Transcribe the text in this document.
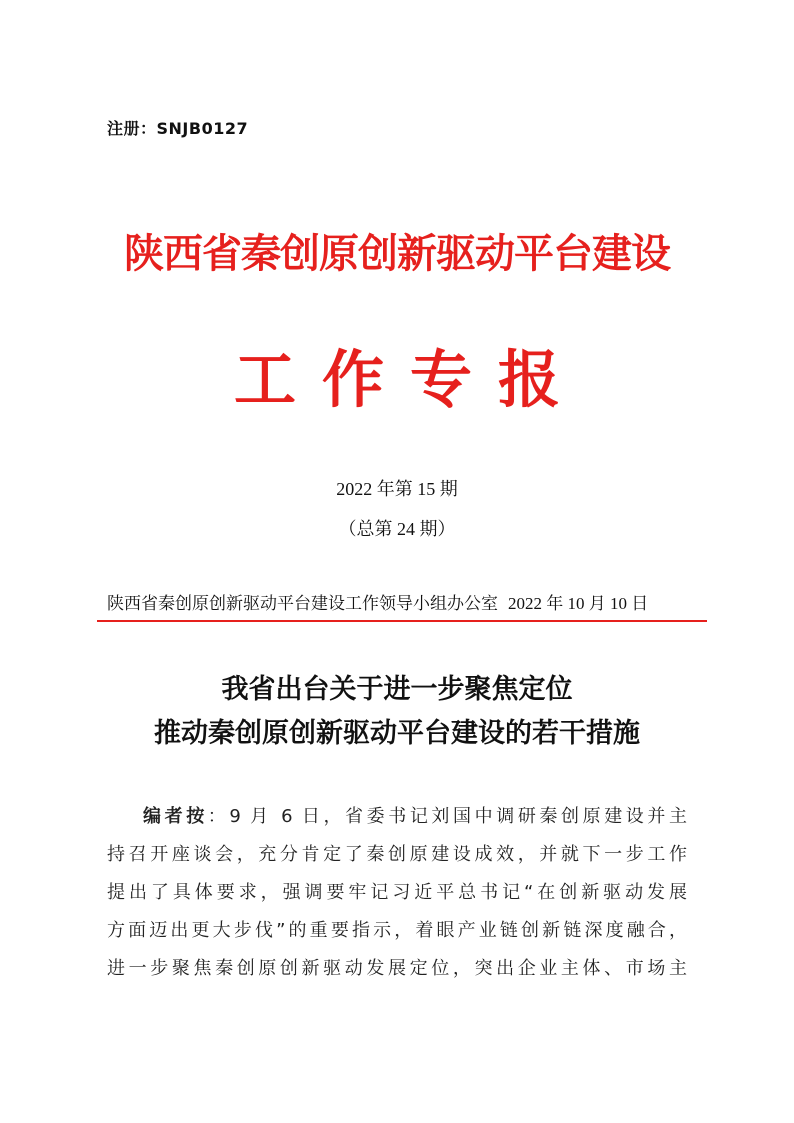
注册：SNJB0127
陕西省秦创原创新驱动平台建设
工作专报
2022 年第 15 期
（总第 24 期）
陕西省秦创原创新驱动平台建设工作领导小组办公室 2022 年 10 月 10 日
我省出台关于进一步聚焦定位
推动秦创原创新驱动平台建设的若干措施
编者按：9 月 6 日，省委书记刘国中调研秦创原建设并主
持召开座谈会，充分肯定了秦创原建设成效，并就下一步工作
提出了具体要求，强调要牢记习近平总书记“在创新驱动发展
方面迈出更大步伐”的重要指示，着眼产业链创新链深度融合，
进一步聚焦秦创原创新驱动发展定位，突出企业主体、市场主
